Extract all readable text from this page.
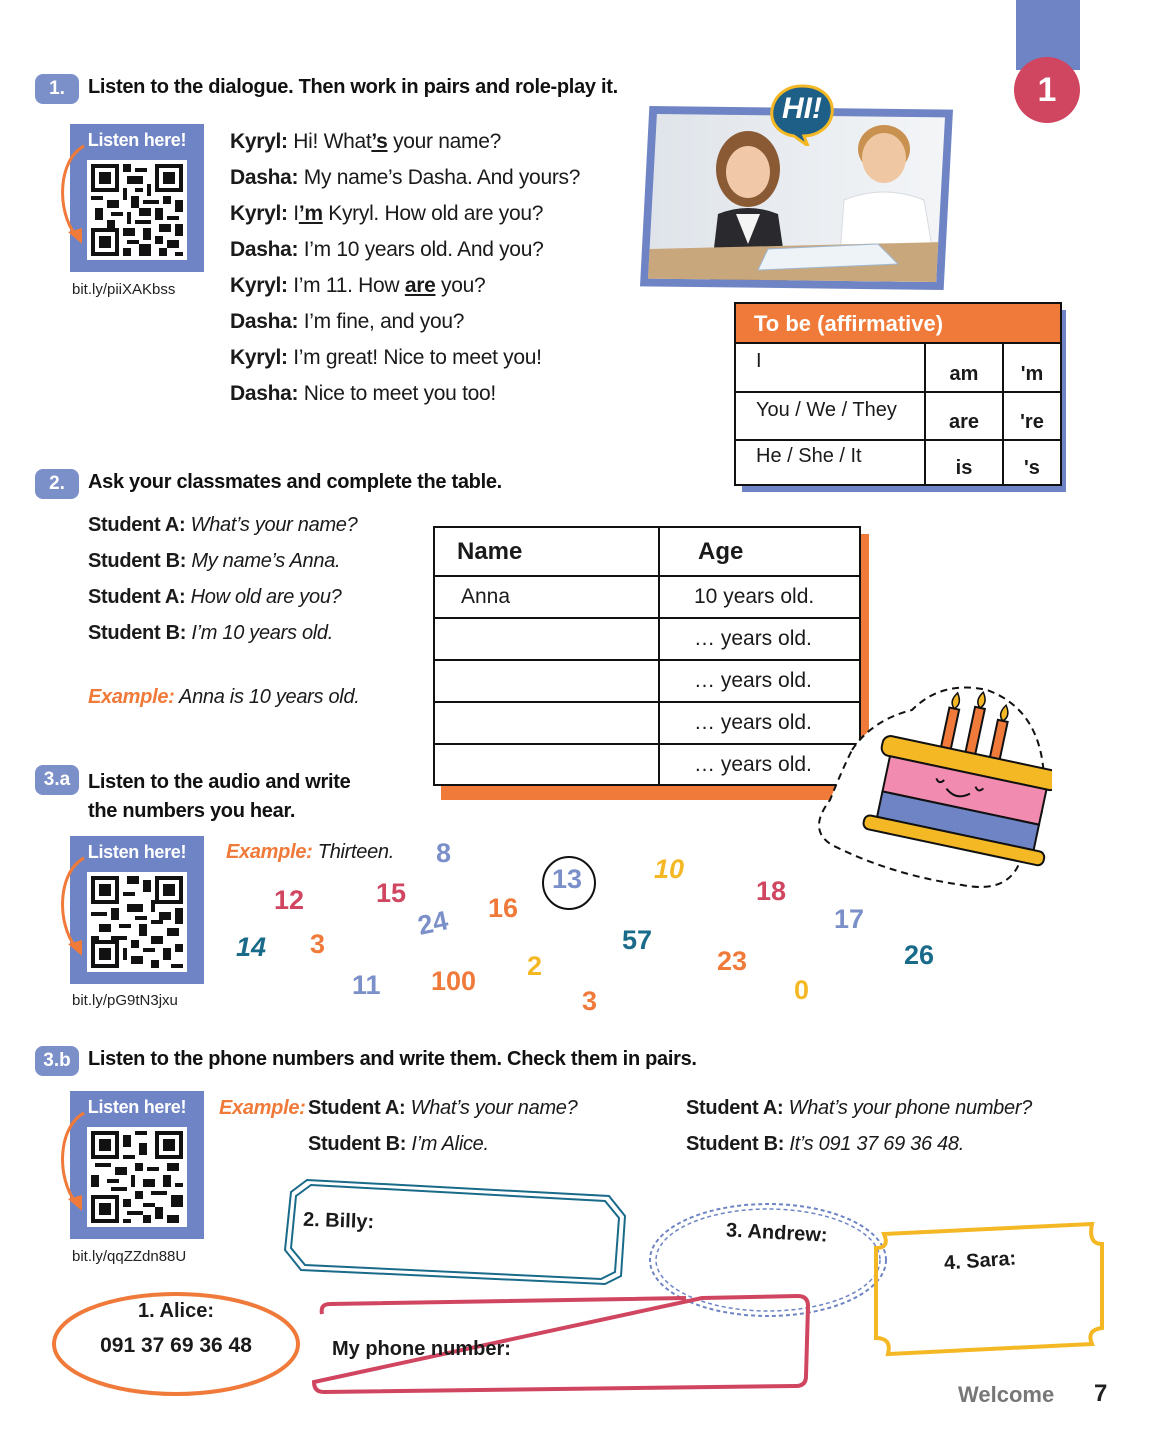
1
1.	Listen to the dialogue. Then work in pairs and role-play it.
Listen here!
bit.ly/piiXAKbss
Kyryl: Hi! What’s your name?
Dasha: My name’s Dasha. And yours?
Kyryl: I’m Kyryl. How old are you?
Dasha: I’m 10 years old. And you?
Kyryl: I’m 11. How are you?
Dasha: I’m fine, and you?
Kyryl: I’m great! Nice to meet you!
Dasha: Nice to meet you too!
HI!
To be (affirmative)
I	am	'm
You / We / They	are	're
He / She / It	is	's
2.	Ask your classmates and complete the table.
Student A: What’s your name?
Student B: My name’s Anna.
Student A: How old are you?
Student B: I’m 10 years old.
Example: Anna is 10 years old.
Name	Age
Anna	10 years old.
	… years old.
	… years old.
	… years old.
	… years old.
3.a Listen to the audio and write
the numbers you hear.
Listen here!
bit.ly/pG9tN3jxu
Example: Thirteen. 8
13	10
18
12	15	16
24	17
14 3	57	26
2	23
11 100	0
3
3.b Listen to the phone numbers and write them. Check them in pairs.
Listen here!
bit.ly/qqZZdn88U
Example: Student A: What’s your name?
Student B: I’m Alice.
Student A: What’s your phone number?
Student B: It’s 091 37 69 36 48.
2. Billy:	3. Andrew:
4. Sara:
My phone number:
1. Alice:
091 37 69 36 48
Welcome 7
